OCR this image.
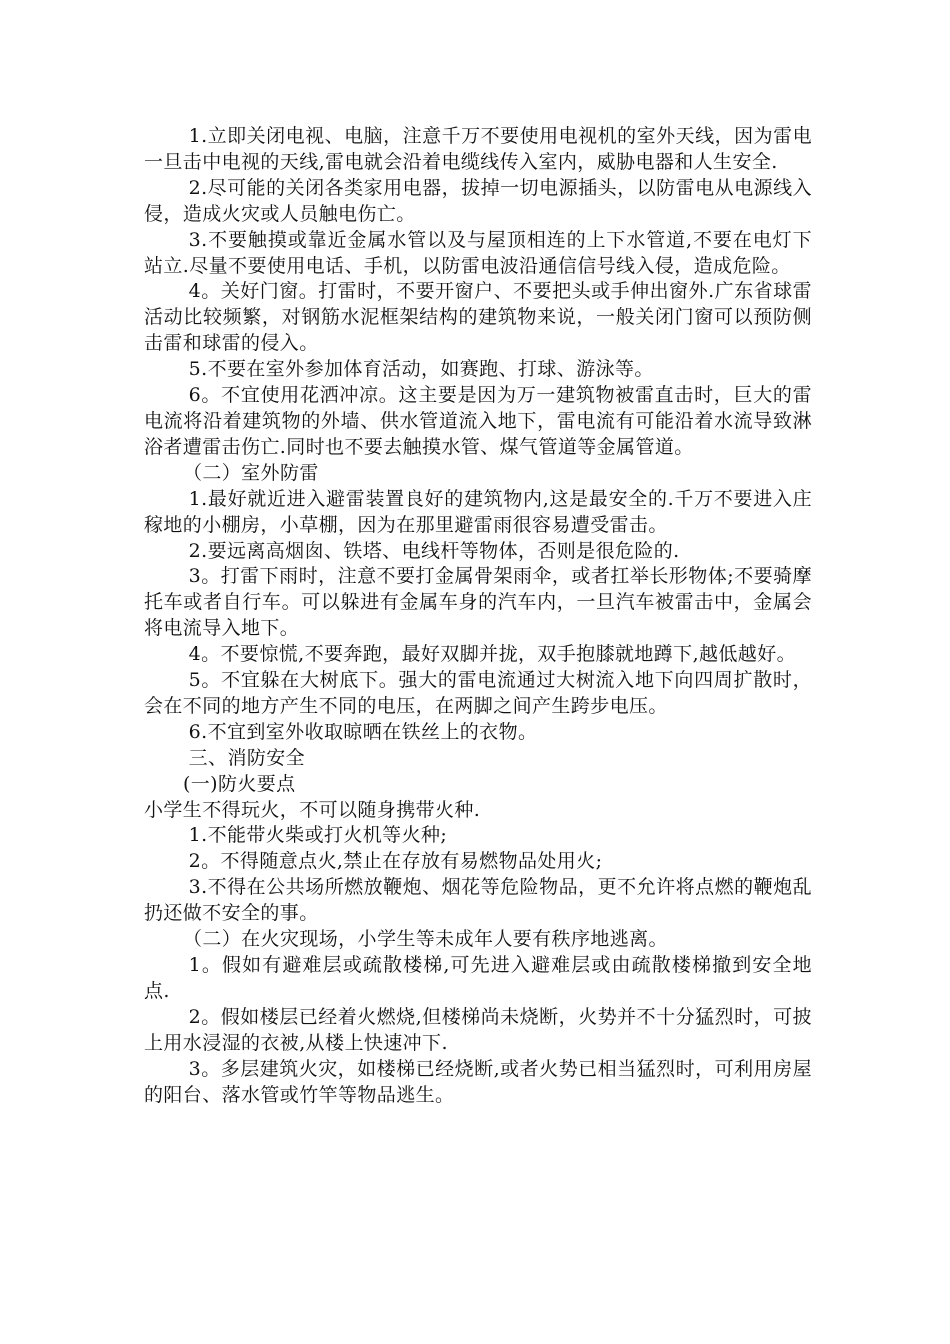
1.立即关闭电视、电脑，注意千万不要使用电视机的室外天线，因为雷电一旦击中电视的天线,雷电就会沿着电缆线传入室内，威胁电器和人生安全.

2.尽可能的关闭各类家用电器，拔掉一切电源插头，以防雷电从电源线入侵，造成火灾或人员触电伤亡。

3.不要触摸或靠近金属水管以及与屋顶相连的上下水管道,不要在电灯下站立.尽量不要使用电话、手机，以防雷电波沿通信信号线入侵，造成危险。

4。关好门窗。打雷时，不要开窗户、不要把头或手伸出窗外.广东省球雷活动比较频繁，对钢筋水泥框架结构的建筑物来说，一般关闭门窗可以预防侧击雷和球雷的侵入。

5.不要在室外参加体育活动，如赛跑、打球、游泳等。

6。不宜使用花洒冲凉。这主要是因为万一建筑物被雷直击时，巨大的雷电流将沿着建筑物的外墙、供水管道流入地下，雷电流有可能沿着水流导致淋浴者遭雷击伤亡.同时也不要去触摸水管、煤气管道等金属管道。

（二）室外防雷

1.最好就近进入避雷装置良好的建筑物内,这是最安全的.千万不要进入庄稼地的小棚房，小草棚，因为在那里避雷雨很容易遭受雷击。

2.要远离高烟囱、铁塔、电线杆等物体，否则是很危险的.

3。打雷下雨时，注意不要打金属骨架雨伞，或者扛举长形物体;不要骑摩托车或者自行车。可以躲进有金属车身的汽车内，一旦汽车被雷击中，金属会将电流导入地下。

4。不要惊慌,不要奔跑，最好双脚并拢，双手抱膝就地蹲下,越低越好。

5。不宜躲在大树底下。强大的雷电流通过大树流入地下向四周扩散时，会在不同的地方产生不同的电压，在两脚之间产生跨步电压。

6.不宜到室外收取晾晒在铁丝上的衣物。

三、消防安全

(一)防火要点

小学生不得玩火，不可以随身携带火种.

1.不能带火柴或打火机等火种;

2。不得随意点火,禁止在存放有易燃物品处用火;

3.不得在公共场所燃放鞭炮、烟花等危险物品，更不允许将点燃的鞭炮乱扔还做不安全的事。

（二）在火灾现场，小学生等未成年人要有秩序地逃离。

1。假如有避难层或疏散楼梯,可先进入避难层或由疏散楼梯撤到安全地点.

2。假如楼层已经着火燃烧,但楼梯尚未烧断，火势并不十分猛烈时，可披上用水浸湿的衣被,从楼上快速冲下.

3。多层建筑火灾，如楼梯已经烧断,或者火势已相当猛烈时，可利用房屋的阳台、落水管或竹竿等物品逃生。
